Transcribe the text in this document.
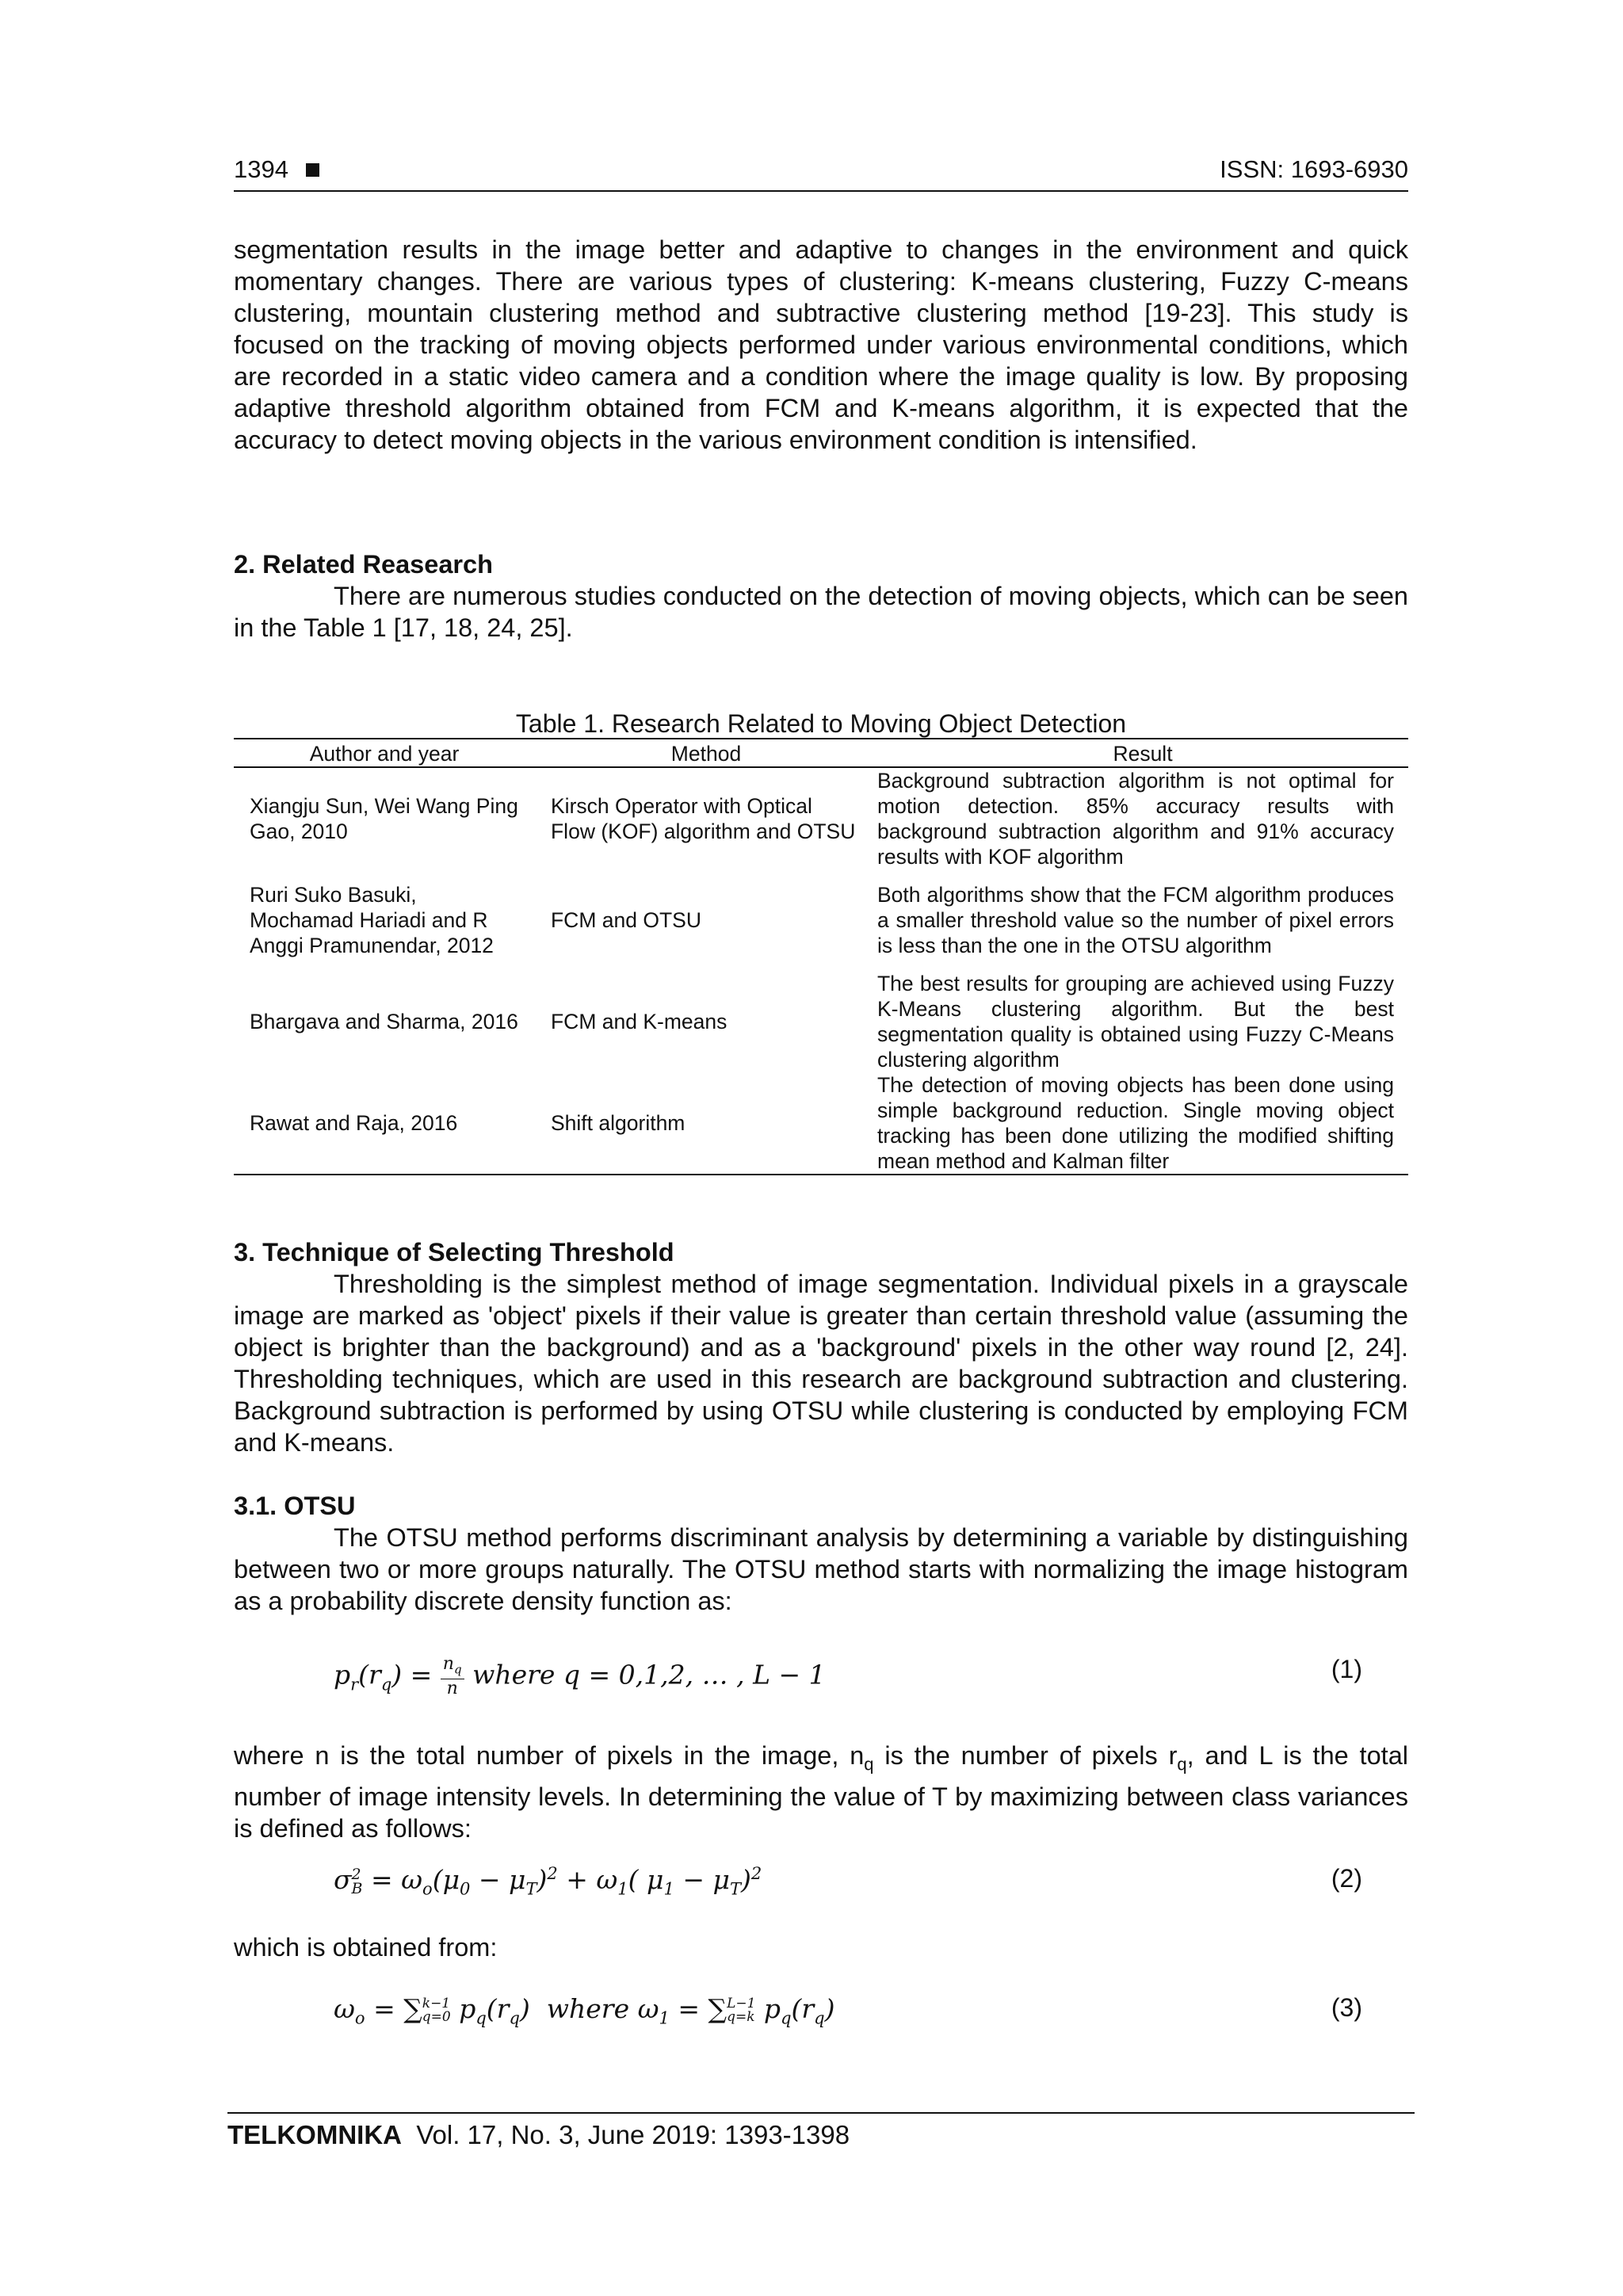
1394	ISSN: 1693-6930

segmentation results in the image better and adaptive to changes in the environment and quick momentary changes. There are various types of clustering: K-means clustering, Fuzzy C-means clustering, mountain clustering method and subtractive clustering method [19-23]. This study is focused on the tracking of moving objects performed under various environmental conditions, which are recorded in a static video camera and a condition where the image quality is low. By proposing adaptive threshold algorithm obtained from FCM and K-means algorithm, it is expected that the accuracy to detect moving objects in the various environment condition is intensified.

2. Related Reasearch

There are numerous studies conducted on the detection of moving objects, which can be seen in the Table 1 [17, 18, 24, 25].

Table 1. Research Related to Moving Object Detection
Author and year	Method	Result
Xiangju Sun, Wei Wang Ping Gao, 2010	Kirsch Operator with Optical Flow (KOF) algorithm and OTSU	Background subtraction algorithm is not optimal for motion detection. 85% accuracy results with background subtraction algorithm and 91% accuracy results with KOF algorithm
Ruri Suko Basuki, Mochamad Hariadi and R Anggi Pramunendar, 2012	FCM and OTSU	Both algorithms show that the FCM algorithm produces a smaller threshold value so the number of pixel errors is less than the one in the OTSU algorithm
Bhargava and Sharma, 2016	FCM and K-means	The best results for grouping are achieved using Fuzzy K-Means clustering algorithm. But the best segmentation quality is obtained using Fuzzy C-Means clustering algorithm
Rawat and Raja, 2016	Shift algorithm	The detection of moving objects has been done using simple background reduction. Single moving object tracking has been done utilizing the modified shifting mean method and Kalman filter

3. Technique of Selecting Threshold

Thresholding is the simplest method of image segmentation. Individual pixels in a grayscale image are marked as 'object' pixels if their value is greater than certain threshold value (assuming the object is brighter than the background) and as a 'background' pixels in the other way round [2, 24]. Thresholding techniques, which are used in this research are background subtraction and clustering. Background subtraction is performed by using OTSU while clustering is conducted by employing FCM and K-means.

3.1. OTSU

The OTSU method performs discriminant analysis by determining a variable by distinguishing between two or more groups naturally. The OTSU method starts with normalizing the image histogram as a probability discrete density function as:

$p_r(r_q) = \frac{n_q}{n}$ where q = 0,1,2, … , L − 1	(1)

where n is the total number of pixels in the image, $n_q$ is the number of pixels $r_q$, and L is the total number of image intensity levels. In determining the value of T by maximizing between class variances is defined as follows:

σ 2
$B = \omega_o(\mu_0 - \mu_T)^2 + \omega_1$( $\mu_1 - \mu_T)^2$	(2)

which is obtained from:

$\omega_o$ = ∑ k−1
q=0 $p_q(r_q)$  where $\omega_1$ = ∑ L−1
q=k $p_q(r_q)$	(3)
TELKOMNIKA Vol. 17, No. 3, June 2019: 1393-1398
